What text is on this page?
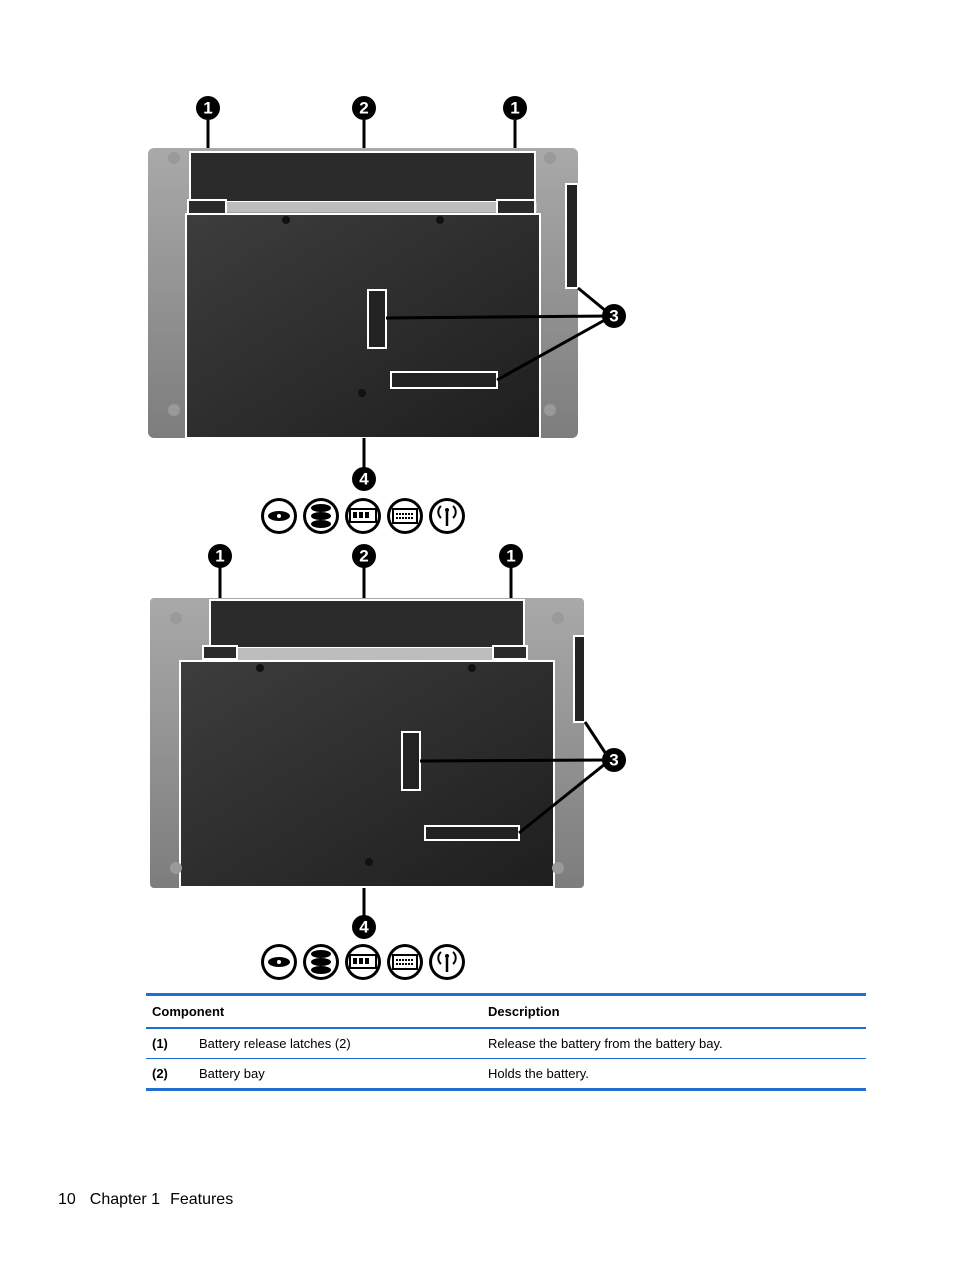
1	2	1
3
4
1	2	1
3
4
Component		Description
(1)	Battery release latches (2)	Release the battery from the battery bay.
(2)	Battery bay	Holds the battery.
10 Chapter 1 Features
